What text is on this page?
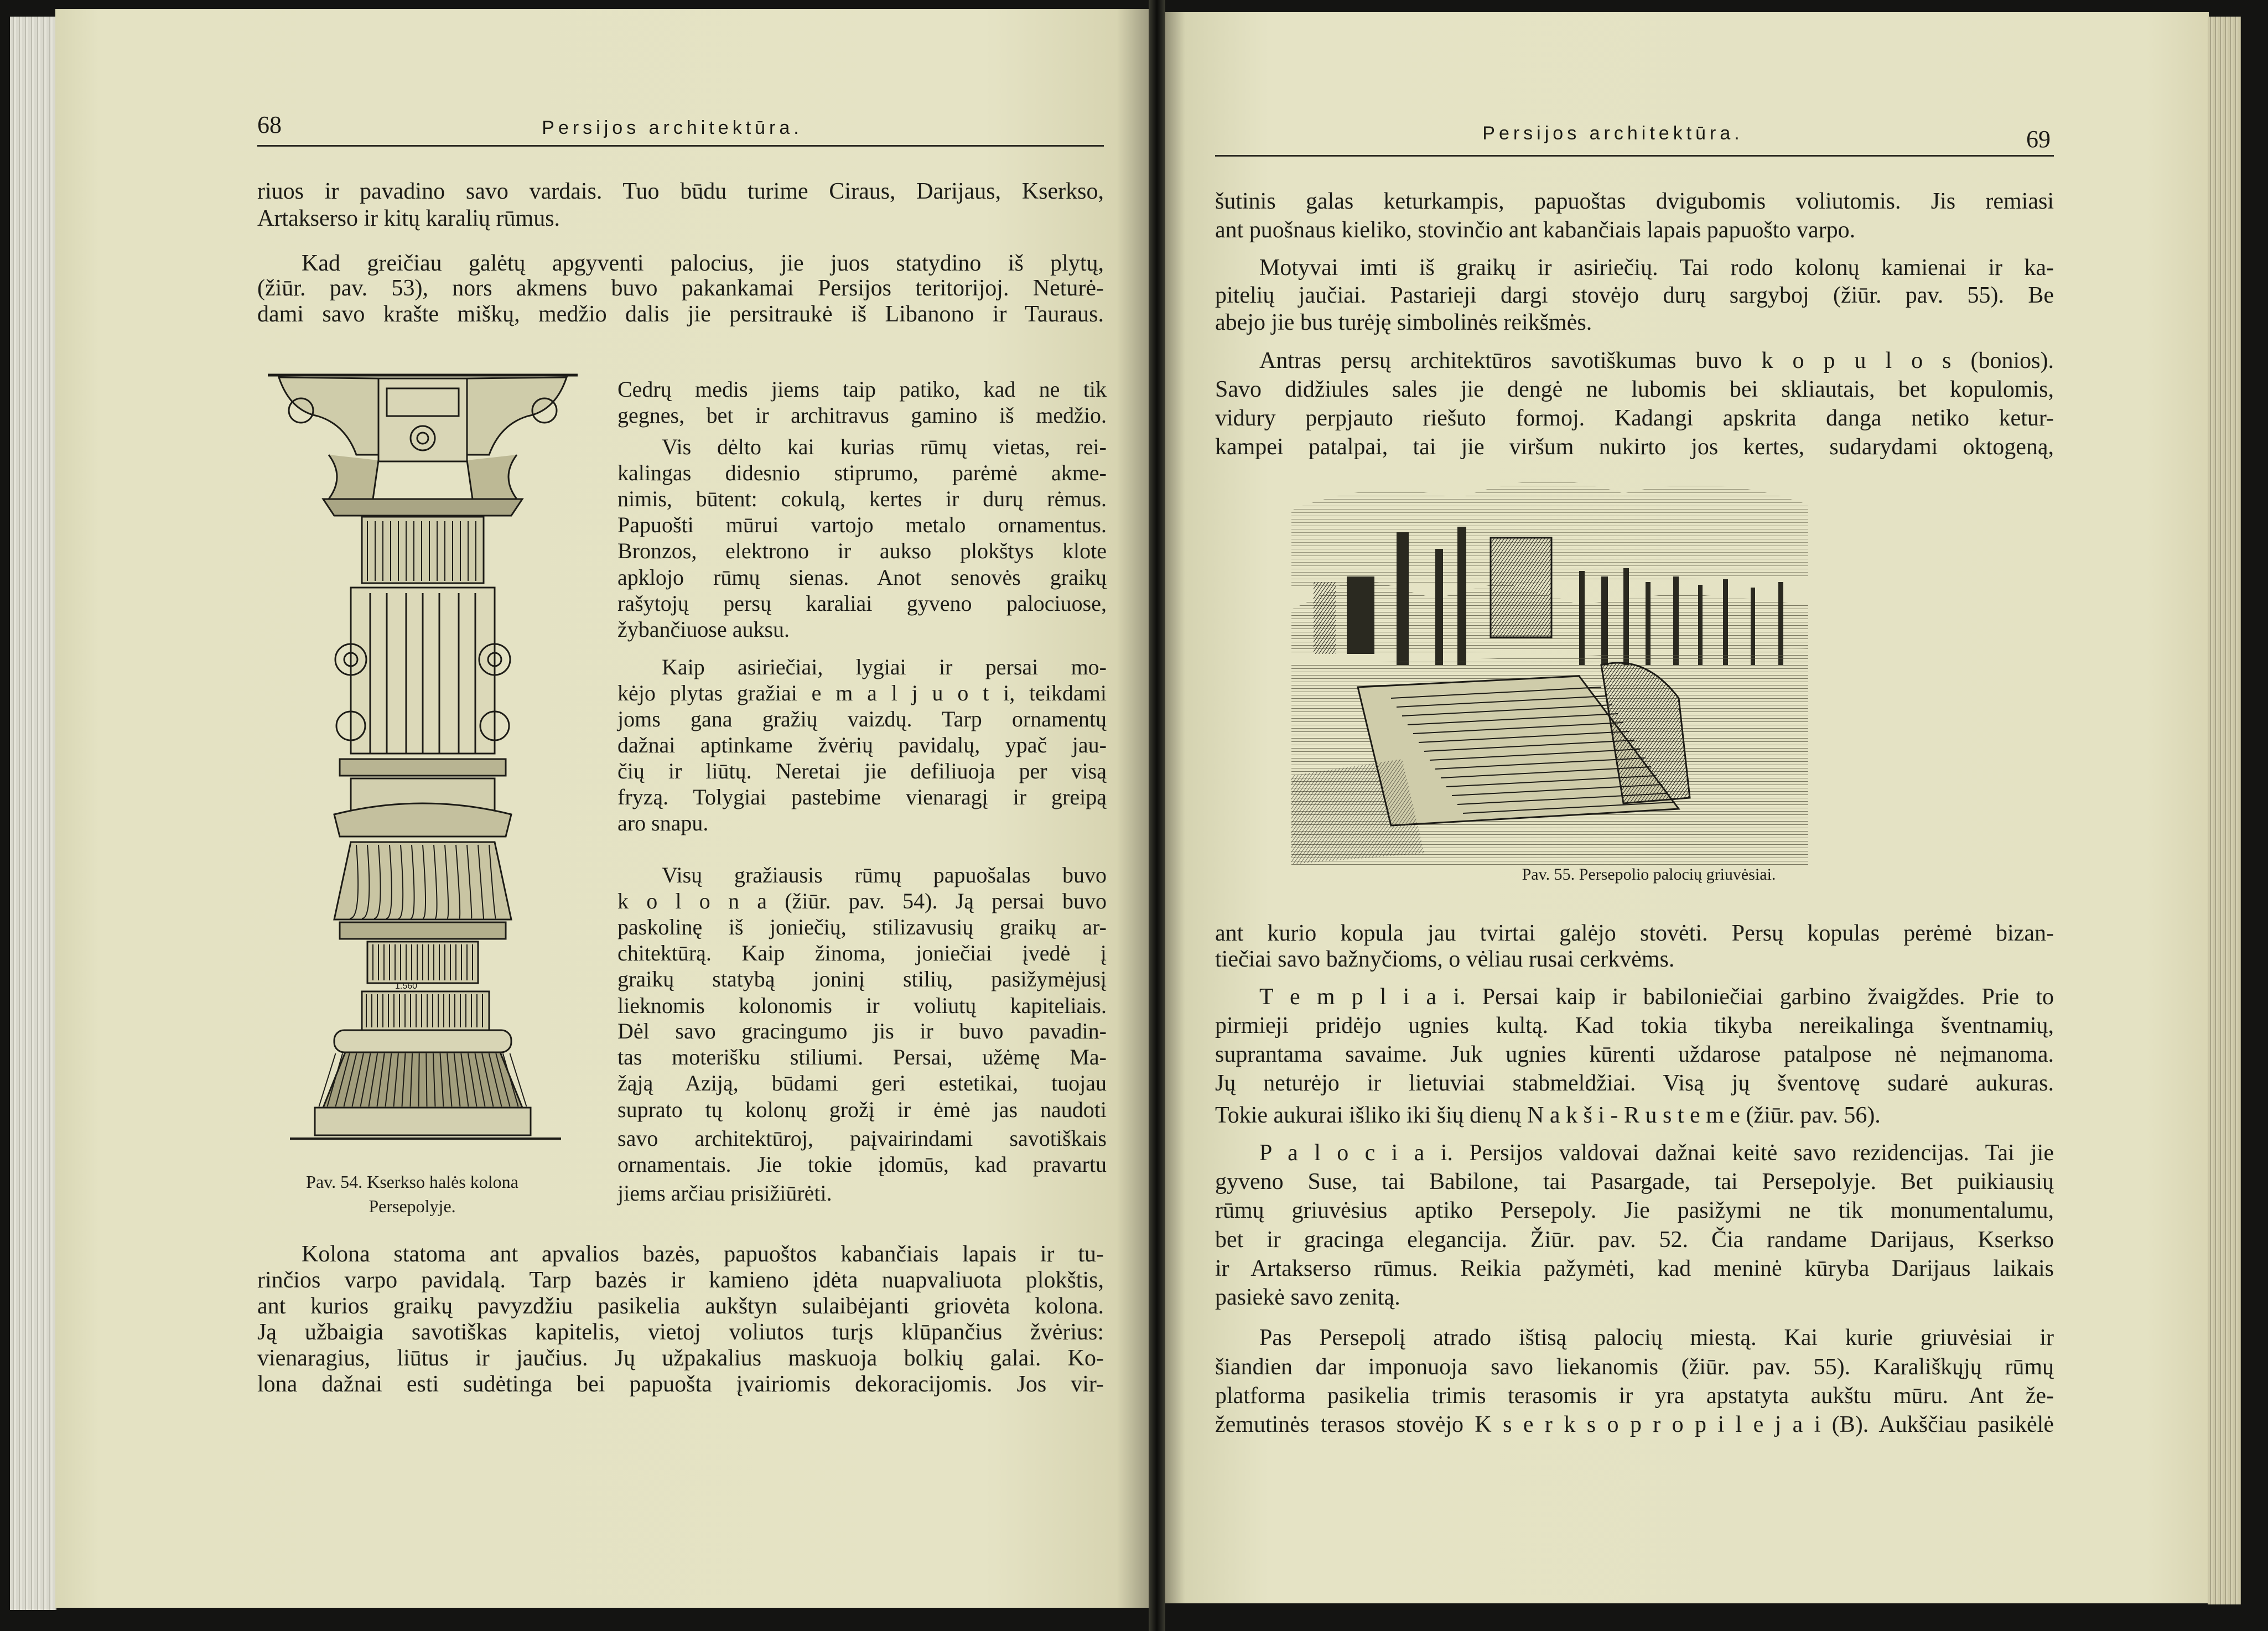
68	Persijos architektūra.	Persijos architektūra.	69
1.560
Pav. 54. Kserkso halės kolona
Persepolyje.
Pav. 55. Persepolio palocių griuvėsiai.
riuos ir pavadino savo vardais. Tuo būdu turime Ciraus, Darijaus, Kserkso,
Artakserso ir kitų karalių rūmus.
Kad greičiau galėtų apgyventi palocius, jie juos statydino iš plytų,
(žiūr. pav. 53), nors akmens buvo pakankamai Persijos teritorijoj. Neturė-
dami savo krašte miškų, medžio dalis jie persitraukė iš Libanono ir Tauraus.
Cedrų medis jiems taip patiko, kad ne tik
gegnes, bet ir architravus gamino iš medžio.
Vis dėlto kai kurias rūmų vietas, rei-
kalingas didesnio stiprumo, parėmė akme-
nimis, būtent: cokulą, kertes ir durų rėmus.
Papuošti mūrui vartojo metalo ornamentus.
Bronzos, elektrono ir aukso plokštys klote
apklojo rūmų sienas. Anot senovės graikų
rašytojų persų karaliai gyveno palociuose,
žybančiuose auksu.
Kaip asiriečiai, lygiai ir persai mo-
kėjo plytas gražiai e m a l j u o t i, teikdami
joms gana gražių vaizdų. Tarp ornamentų
dažnai aptinkame žvėrių pavidalų, ypač jau-
čių ir liūtų. Neretai jie defiliuoja per visą
fryzą. Tolygiai pastebime vienaragį ir greipą
aro snapu.
Visų gražiausis rūmų papuošalas buvo
k o l o n a (žiūr. pav. 54). Ją persai buvo
paskolinę iš joniečių, stilizavusių graikų ar-
chitektūrą. Kaip žinoma, joniečiai įvedė į
graikų statybą joninį stilių, pasižymėjusį
lieknomis kolonomis ir voliutų kapiteliais.
Dėl savo gracingumo jis ir buvo pavadin-
tas moterišku stiliumi. Persai, užėmę Ma-
žąją Aziją, būdami geri estetikai, tuojau
suprato tų kolonų grožį ir ėmė jas naudoti
savo architektūroj, paįvairindami savotiškais
ornamentais. Jie tokie įdomūs, kad pravartu
jiems arčiau prisižiūrėti.
Kolona statoma ant apvalios bazės, papuoštos kabančiais lapais ir tu-
rinčios varpo pavidalą. Tarp bazės ir kamieno įdėta nuapvaliuota plokštis,
ant kurios graikų pavyzdžiu pasikelia aukštyn sulaibėjanti griovėta kolona.
Ją užbaigia savotiškas kapitelis, vietoj voliutos turįs klūpančius žvėrius:
vienaragius, liūtus ir jaučius. Jų užpakalius maskuoja bolkių galai. Ko-
lona dažnai esti sudėtinga bei papuošta įvairiomis dekoracijomis. Jos vir-
šutinis galas keturkampis, papuoštas dvigubomis voliutomis. Jis remiasi
ant puošnaus kieliko, stovinčio ant kabančiais lapais papuošto varpo.
Motyvai imti iš graikų ir asiriečių. Tai rodo kolonų kamienai ir ka-
pitelių jaučiai. Pastarieji dargi stovėjo durų sargyboj (žiūr. pav. 55). Be
abejo jie bus turėję simbolinės reikšmės.
Antras persų architektūros savotiškumas buvo k o p u l o s (bonios).
Savo didžiules sales jie dengė ne lubomis bei skliautais, bet kopulomis,
vidury perpjauto riešuto formoj. Kadangi apskrita danga netiko ketur-
kampei patalpai, tai jie viršum nukirto jos kertes, sudarydami oktogeną,
ant kurio kopula jau tvirtai galėjo stovėti. Persų kopulas perėmė bizan-
tiečiai savo bažnyčioms, o vėliau rusai cerkvėms.
T e m p l i a i. Persai kaip ir babiloniečiai garbino žvaigždes. Prie to
pirmieji pridėjo ugnies kultą. Kad tokia tikyba nereikalinga šventnamių,
suprantama savaime. Juk ugnies kūrenti uždarose patalpose nė neįmanoma.
Jų neturėjo ir lietuviai stabmeldžiai. Visą jų šventovę sudarė aukuras.
Tokie aukurai išliko iki šių dienų N a k š i - R u s t e m e (žiūr. pav. 56).
P a l o c i a i. Persijos valdovai dažnai keitė savo rezidencijas. Tai jie
gyveno Suse, tai Babilone, tai Pasargade, tai Persepolyje. Bet puikiausių
rūmų griuvėsius aptiko Persepoly. Jie pasižymi ne tik monumentalumu,
bet ir gracinga elegancija. Žiūr. pav. 52. Čia randame Darijaus, Kserkso
ir Artakserso rūmus. Reikia pažymėti, kad meninė kūryba Darijaus laikais
pasiekė savo zenitą.
Pas Persepolį atrado ištisą palocių miestą. Kai kurie griuvėsiai ir
šiandien dar imponuoja savo liekanomis (žiūr. pav. 55). Karališkųjų rūmų
platforma pasikelia trimis terasomis ir yra apstatyta aukštu mūru. Ant že-
žemutinės terasos stovėjo K s e r k s o p r o p i l e j a i (B). Aukščiau pasikėlė
